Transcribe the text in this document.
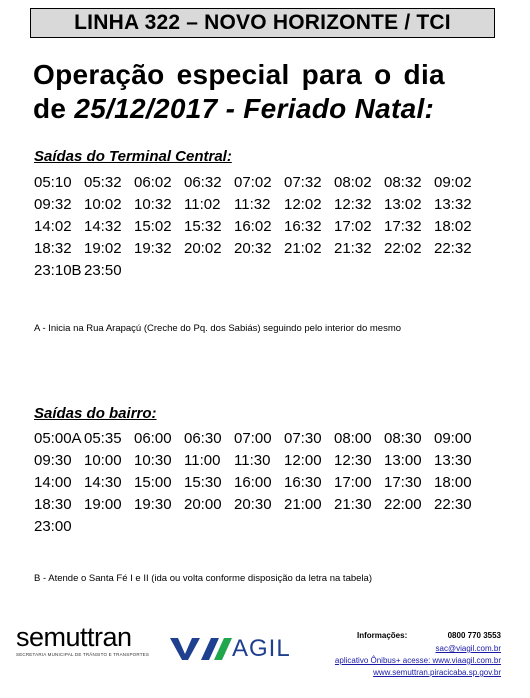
LINHA 322 – NOVO HORIZONTE / TCI
Operação especial para o dia
de 25/12/2017 - Feriado Natal:
Saídas do Terminal Central:
05:10 05:32 06:02 06:32 07:02 07:32 08:02 08:32 09:02
09:32 10:02 10:32 11:02 11:32 12:02 12:32 13:02 13:32
14:02 14:32 15:02 15:32 16:02 16:32 17:02 17:32 18:02
18:32 19:02 19:32 20:02 20:32 21:02 21:32 22:02 22:32
23:10B 23:50
A - Inicia na Rua Arapaçú (Creche do Pq. dos Sabiás) seguindo pelo interior do mesmo
Saídas do bairro:
05:00A 05:35 06:00 06:30 07:00 07:30 08:00 08:30 09:00
09:30 10:00 10:30 11:00 11:30 12:00 12:30 13:00 13:30
14:00 14:30 15:00 15:30 16:00 16:30 17:00 17:30 18:00
18:30 19:00 19:30 20:00 20:30 21:00 21:30 22:00 22:30
23:00
B - Atende o Santa Fé I e II (ida ou volta conforme disposição da letra na tabela)
semuttran
SECRETARIA MUNICIPAL DE TRÂNSITO E TRANSPORTES	AGIL	Informações:	0800 770 3553
sac@viagil.com.br
aplicativo Ônibus+ acesse: www.viaagil.com.br
www.semuttran.piracicaba.sp.gov.br
